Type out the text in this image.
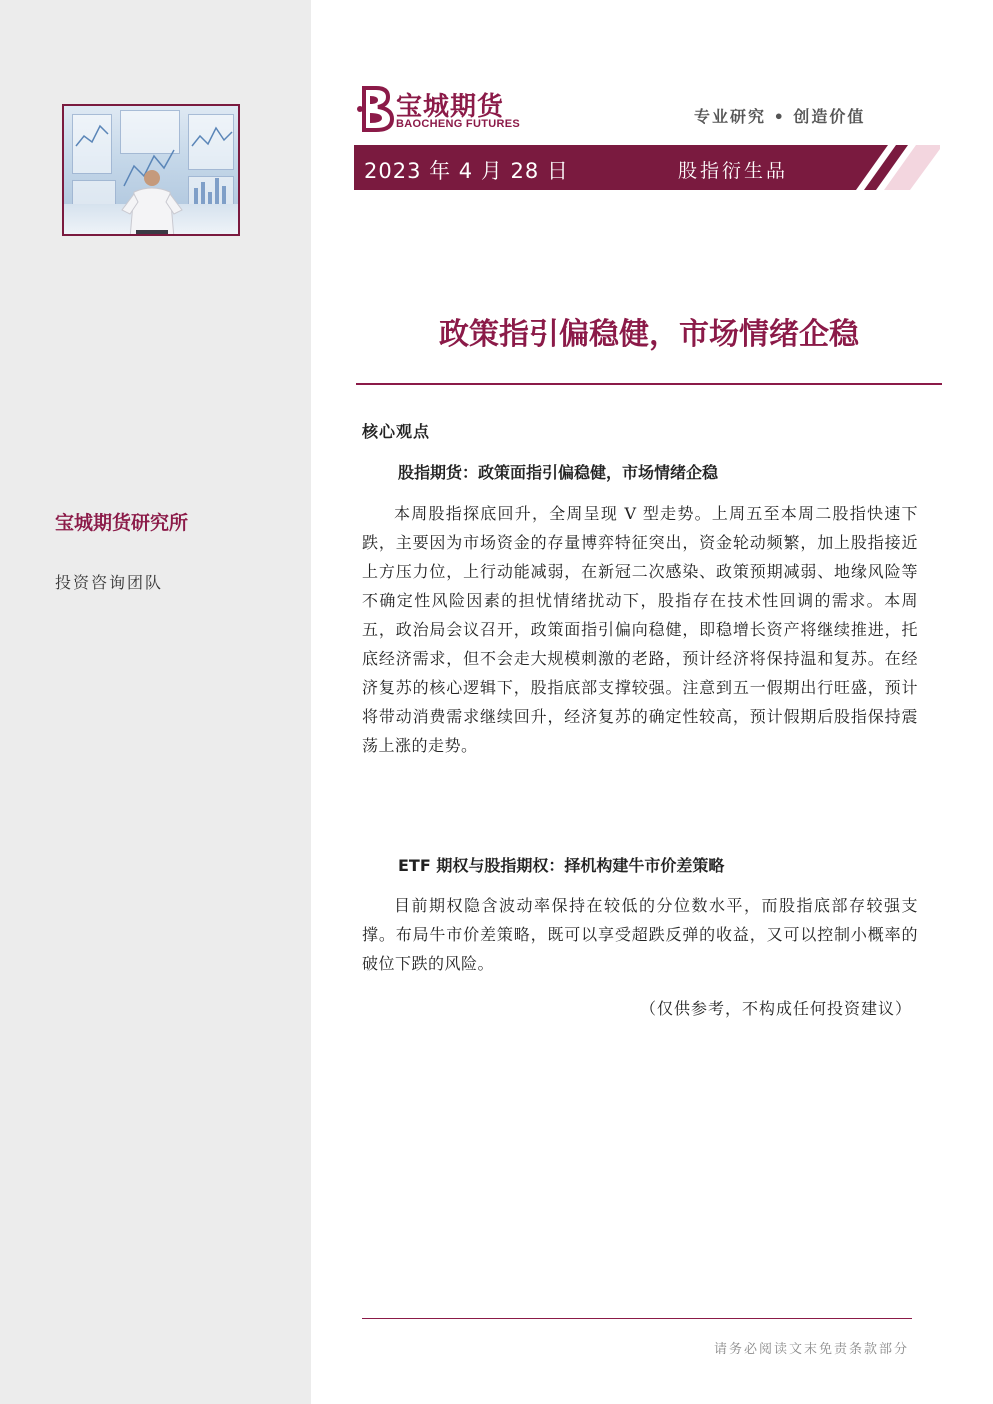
宝城期货研究所
投资咨询团队
宝城期货
BAOCHENG FUTURES	专业研究 • 创造价值
2023 年 4 月 28 日	股指衍生品
政策指引偏稳健，市场情绪企稳
核心观点
股指期货：政策面指引偏稳健，市场情绪企稳
本周股指探底回升，全周呈现 V 型走势。上周五至本周二股指快速下跌，主要因为市场资金的存量博弈特征突出，资金轮动频繁，加上股指接近上方压力位，上行动能减弱，在新冠二次感染、政策预期减弱、地缘风险等不确定性风险因素的担忧情绪扰动下，股指存在技术性回调的需求。本周五，政治局会议召开，政策面指引偏向稳健，即稳增长资产将继续推进，托底经济需求，但不会走大规模刺激的老路，预计经济将保持温和复苏。在经济复苏的核心逻辑下，股指底部支撑较强。注意到五一假期出行旺盛，预计将带动消费需求继续回升，经济复苏的确定性较高，预计假期后股指保持震荡上涨的走势。
ETF 期权与股指期权：择机构建牛市价差策略
目前期权隐含波动率保持在较低的分位数水平，而股指底部存较强支撑。布局牛市价差策略，既可以享受超跌反弹的收益，又可以控制小概率的破位下跌的风险。
（仅供参考，不构成任何投资建议）
请务必阅读文末免责条款部分
